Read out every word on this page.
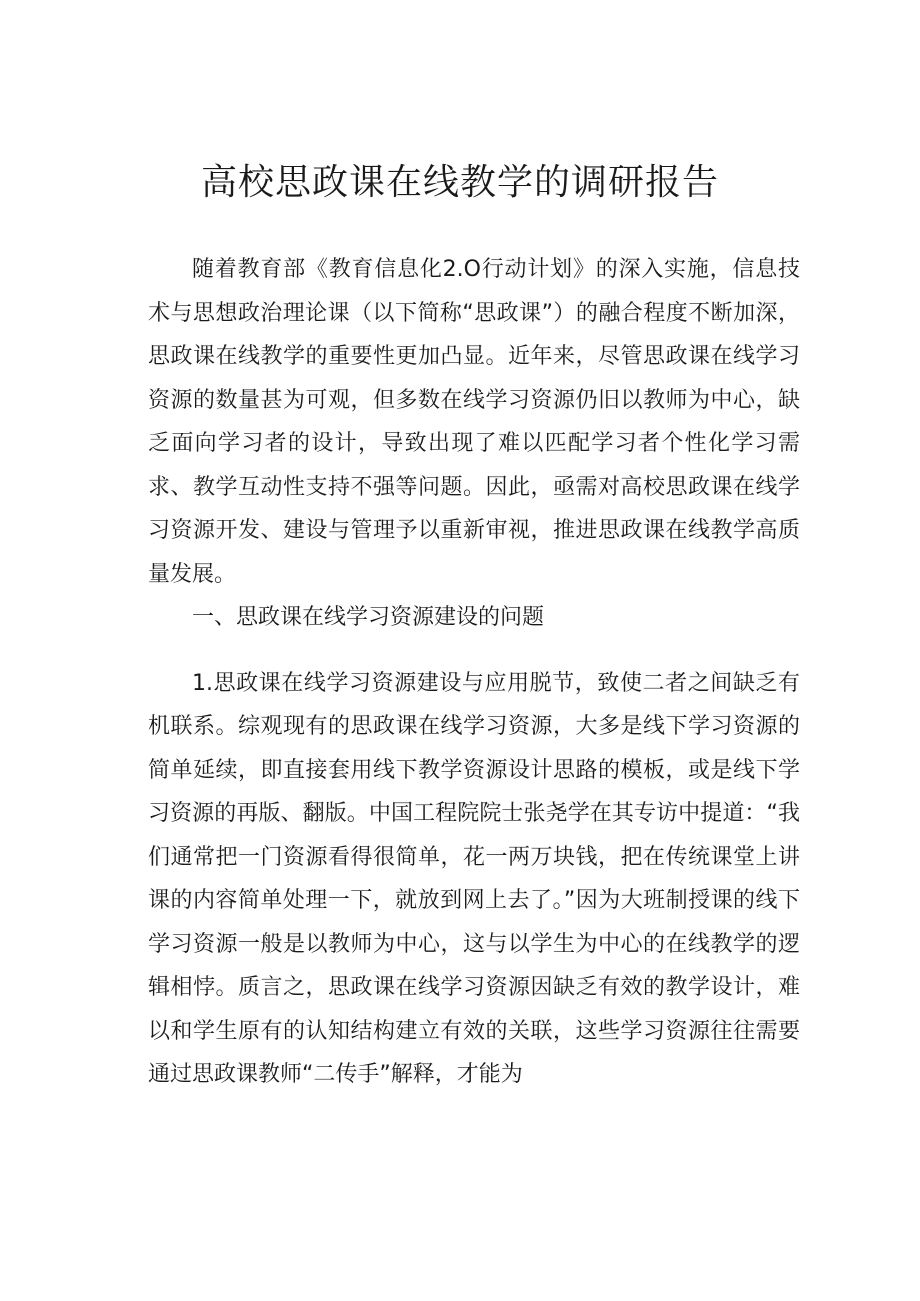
高校思政课在线教学的调研报告

随着教育部《教育信息化2.O行动计划》的深入实施，信息技术与思想政治理论课（以下简称“思政课”）的融合程度不断加深，思政课在线教学的重要性更加凸显。近年来，尽管思政课在线学习资源的数量甚为可观，但多数在线学习资源仍旧以教师为中心，缺乏面向学习者的设计，导致出现了难以匹配学习者个性化学习需求、教学互动性支持不强等问题。因此，亟需对高校思政课在线学习资源开发、建设与管理予以重新审视，推进思政课在线教学高质量发展。

一、思政课在线学习资源建设的问题

1.思政课在线学习资源建设与应用脱节，致使二者之间缺乏有机联系。综观现有的思政课在线学习资源，大多是线下学习资源的简单延续，即直接套用线下教学资源设计思路的模板，或是线下学习资源的再版、翻版。中国工程院院士张尧学在其专访中提道：“我们通常把一门资源看得很简单，花一两万块钱，把在传统课堂上讲课的内容简单处理一下，就放到网上去了。”因为大班制授课的线下学习资源一般是以教师为中心，这与以学生为中心的在线教学的逻辑相悖。质言之，思政课在线学习资源因缺乏有效的教学设计，难以和学生原有的认知结构建立有效的关联，这些学习资源往往需要通过思政课教师“二传手”解释，才能为
